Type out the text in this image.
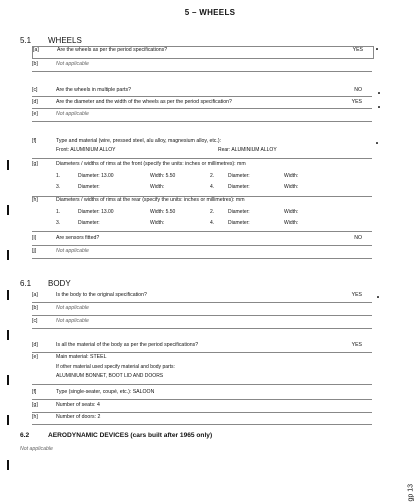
5 – WHEELS
5.1 WHEELS
[a]	Are the wheels as per the period specifications?	YES
[b]	Not applicable
[c]	Are the wheels in multiple parts?	NO
[d]	Are the diameter and the width of the wheels as per the period specification?	YES
[e]	Not applicable
[f]	Type and material (wire, pressed steel, alu alloy, magnesium alloy, etc.):
Front: ALUMINIUM ALLOY	Rear: ALUMINIUM ALLOY
[g]	Diameters / widths of rims at the front (specify the units: inches or millimetres): mm
1.	Diameter: 13.00	Width: 5.50	2.	Diameter:	Width:
3.	Diameter:	Width:	4.	Diameter:	Width:
[h]	Diameters / widths of rims at the rear (specify the units: inches or millimetres): mm
1.	Diameter: 13.00	Width: 5.50	2.	Diameter:	Width:
3.	Diameter:	Width:	4.	Diameter:	Width:
[i]	Are sensors fitted?	NO
[j]	Not applicable
6.1 BODY
[a]	Is the body to the original specification?	YES
[b]	Not applicable
[c]	Not applicable
[d]	Is all the material of the body as per the period specifications?	YES
[e]	Main material: STEEL
If other material used specify material and body parts:
ALUMINIUM BONNET, BOOT LID AND DOORS
[f]	Type (single-seater, coupé, etc.): SALOON
[g]	Number of seats: 4
[h]	Number of doors: 2
6.2	AERODYNAMIC DEVICES (cars built after 1965 only)
Not applicable
gp 13
